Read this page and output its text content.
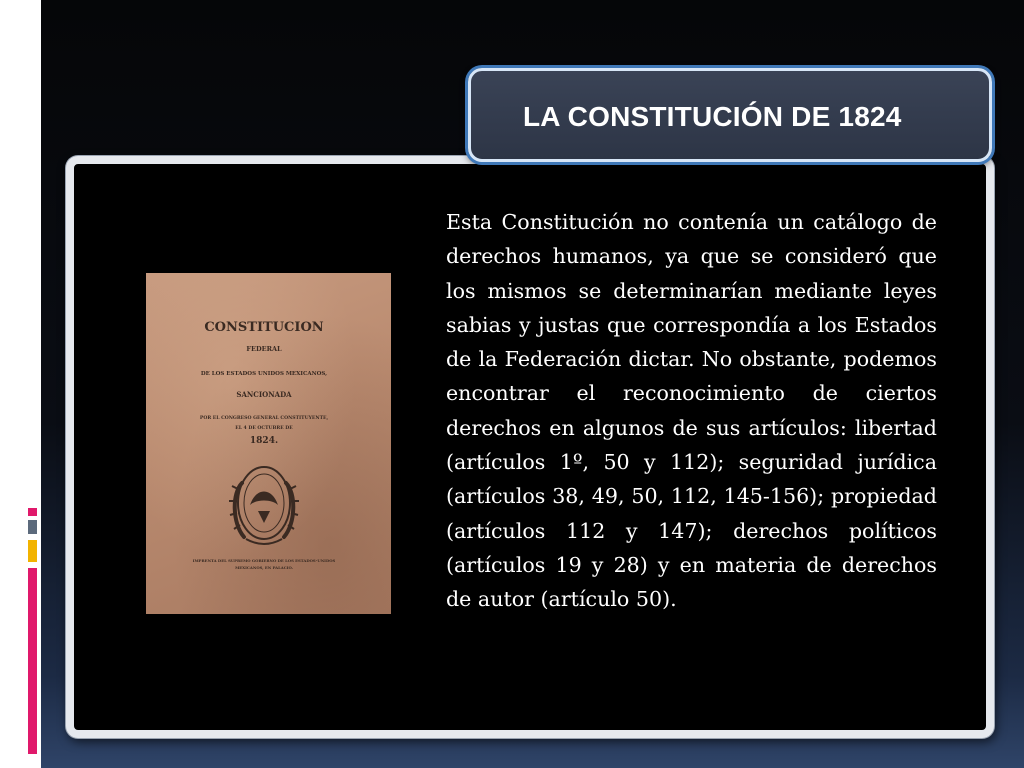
CONSTITUCION
FEDERAL
DE LOS ESTADOS UNIDOS MEXICANOS,
SANCIONADA
POR EL CONGRESO GENERAL CONSTITUYENTE,
EL 4 DE OCTUBRE DE
1824.
IMPRENTA DEL SUPREMO GOBIERNO DE LOS ESTADOS-UNIDOS
MEXICANOS, EN PALACIO.

Esta Constitución no contenía un catálogo de derechos humanos, ya que se consideró que los mismos se determinarían mediante leyes sabias y justas que correspondía a los Estados de la Federación dictar. No obstante, podemos encontrar el reconocimiento de ciertos derechos en algunos de sus artículos: libertad (artículos 1º, 50 y 112); seguridad jurídica (artículos 38, 49, 50, 112, 145-156); propiedad (artículos 112 y 147); derechos políticos (artículos 19 y 28) y en materia de derechos de autor (artículo 50).

LA CONSTITUCIÓN DE 1824
